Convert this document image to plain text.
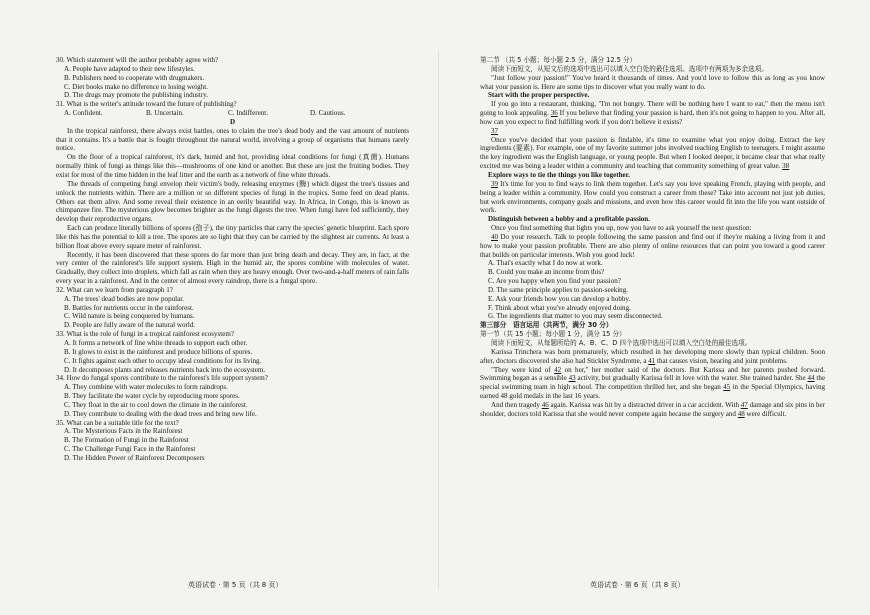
30. Which statement will the author probably agree with?

A. People have adapted to their new lifestyles.

B. Publishers need to cooperate with drugmakers.

C. Diet books make no difference to losing weight.

D. The drugs may promote the publishing industry.

31. What is the writer's attitude toward the future of publishing?

A. Confident.	B. Uncertain.	C. Indifferent.	D. Cautious.

D

In the tropical rainforest, there always exist battles, ones to claim the tree's dead body and the vast amount of nutrients that it contains. It's a battle that is fought throughout the natural world, involving a group of organisms that humans rarely notice.

On the floor of a tropical rainforest, it's dark, humid and hot, providing ideal conditions for fungi (真菌). Humans normally think of fungi as things like this—mushrooms of one kind or another. But these are just the fruiting bodies. They exist for most of the time hidden in the leaf litter and the earth as a network of fine white threads.

The threads of competing fungi envelop their victim's body, releasing enzymes (酶) which digest the tree's tissues and unlock the nutrients within. There are a million or so different species of fungi in the tropics. Some feed on dead plants. Others eat them alive. And some reveal their existence in an eerily beautiful way. In Africa, in Congo, this is known as chimpanzee fire. The mysterious glow becomes brighter as the fungi digests the tree. When fungi have fed sufficiently, they develop their reproductive organs.

Each can produce literally billions of spores (孢子), the tiny particles that carry the species' genetic blueprint. Each spore like this has the potential to kill a tree. The spores are so light that they can be carried by the slightest air currents. At least a billion float above every square meter of rainforest.

Recently, it has been discovered that these spores do far more than just bring death and decay. They are, in fact, at the very center of the rainforest's life support system. High in the humid air, the spores combine with molecules of water. Gradually, they collect into droplets, which fall as rain when they are heavy enough. Over two-and-a-half meters of rain falls every year in a rainforest. And in the center of almost every raindrop, there is a fungal spore.

32. What can we learn from paragraph 1?

A. The trees' dead bodies are now popular.

B. Battles for nutrients occur in the rainforest.

C. Wild nature is being conquered by humans.

D. People are fully aware of the natural world.

33. What is the role of fungi in a tropical rainforest ecosystem?

A. It forms a network of fine white threads to support each other.

B. It glows to exist in the rainforest and produce billions of spores.

C. It fights against each other to occupy ideal conditions for its living.

D. It decomposes plants and releases nutrients back into the ecosystem.

34. How do fungal spores contribute to the rainforest's life support system?

A. They combine with water molecules to form raindrops.

B. They facilitate the water cycle by reproducing more spores.

C. They float in the air to cool down the climate in the rainforest.

D. They contribute to dealing with the dead trees and bring new life.

35. What can be a suitable title for the text?

A. The Mysterious Facts in the Rainforest

B. The Formation of Fungi in the Rainforest

C. The Challenge Fungi Face in the Rainforest

D. The Hidden Power of Rainforest Decomposers

第二节 （共 5 小题；每小题 2.5 分，满分 12.5 分）

阅读下面短文，从短文后的选项中选出可以填入空白处的最佳选项。选项中有两项为多余选项。

"Just follow your passion!" You've heard it thousands of times. And you'd love to follow this as long as you know what your passion is. Here are some tips to discover what you really want to do.

Start with the proper perspective.

If you go into a restaurant, thinking, "I'm not hungry. There will be nothing here I want to eat," then the menu isn't going to look appealing. 36 If you believe that finding your passion is hard, then it's not going to happen to you. After all, how can you expect to find fulfilling work if you don't believe it exists?

37

Once you've decided that your passion is findable, it's time to examine what you enjoy doing. Extract the key ingredients (要素). For example, one of my favorite summer jobs involved teaching English to teenagers. I might assume the key ingredient was the English language, or young people. But when I looked deeper, it became clear that what really excited me was being a leader within a community and teaching that community something of great value. 38

Explore ways to tie the things you like together.

39 It's time for you to find ways to link them together. Let's say you love speaking French, playing with people, and being a leader within a community. How could you construct a career from these? Take into account not just job duties, but work environments, company goals and missions, and even how this career would fit into the life you want outside of work.

Distinguish between a hobby and a profitable passion.

Once you find something that lights you up, now you have to ask yourself the next question:

40 Do your research. Talk to people following the same passion and find out if they're making a living from it and how to make your passion profitable. There are also plenty of online resources that can point you toward a good career that builds on particular interests. Wish you good luck!

A. That's exactly what I do now at work.

B. Could you make an income from this?

C. Are you happy when you find your passion?

D. The same principle applies to passion-seeking.

E. Ask your friends how you can develop a hobby.

F. Think about what you've already enjoyed doing.

G. The ingredients that matter to you may seem disconnected.

第三部分　语言运用（共两节，满分 30 分）

第一节（共 15 小题；每小题 1 分，满分 15 分）

阅读下面短文，从每题所给的 A、B、C、D 四个选项中选出可以填入空白处的最佳选项。

Karissa Trinchera was born prematurely, which resulted in her developing more slowly than typical children. Soon after, doctors discovered she also had Stickler Syndrome, a 41 that causes vision, bearing and joint problems.

"They were kind of 42 on her," her mother said of the doctors. But Karissa and her parents pushed forward. Swimming began as a sensible 43 activity, but gradually Karissa fell in love with the water. She trained harder. She 44 the special swimming team in high school. The competition thrilled her, and she began 45 in the Special Olympics, having earned 48 gold medals in the last 16 years.

And then tragedy 46 again. Karissa was hit by a distracted driver in a car accident. With 47 damage and six pins in her shoulder, doctors told Karissa that she would never compete again because the surgery and 48 were difficult.

英语试卷 · 第 5 页（共 8 页）	英语试卷 · 第 6 页（共 8 页）
